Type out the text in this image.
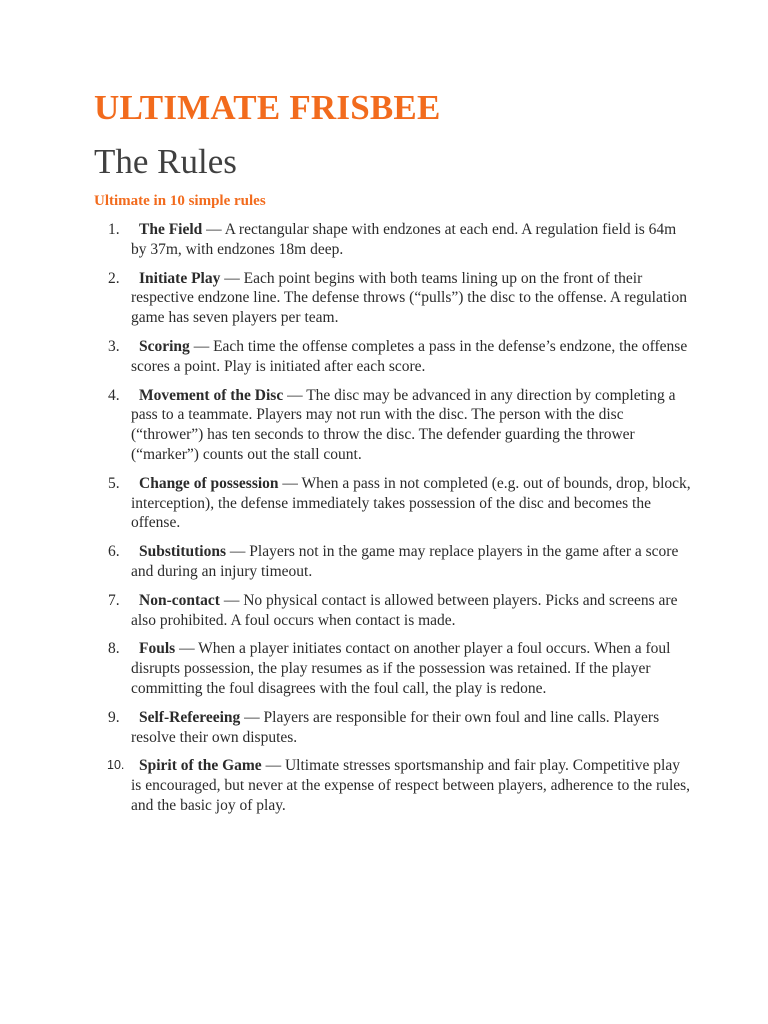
ULTIMATE FRISBEE
The Rules
Ultimate in 10 simple rules
1. The Field — A rectangular shape with endzones at each end. A regulation field is 64m by 37m, with endzones 18m deep.
2. Initiate Play — Each point begins with both teams lining up on the front of their respective endzone line. The defense throws (“pulls”) the disc to the offense. A regulation game has seven players per team.
3. Scoring — Each time the offense completes a pass in the defense’s endzone, the offense scores a point. Play is initiated after each score.
4. Movement of the Disc — The disc may be advanced in any direction by completing a pass to a teammate. Players may not run with the disc. The person with the disc (“thrower”) has ten seconds to throw the disc. The defender guarding the thrower (“marker”) counts out the stall count.
5. Change of possession — When a pass in not completed (e.g. out of bounds, drop, block, interception), the defense immediately takes possession of the disc and becomes the offense.
6. Substitutions — Players not in the game may replace players in the game after a score and during an injury timeout.
7. Non-contact — No physical contact is allowed between players. Picks and screens are also prohibited. A foul occurs when contact is made.
8. Fouls — When a player initiates contact on another player a foul occurs. When a foul disrupts possession, the play resumes as if the possession was retained. If the player committing the foul disagrees with the foul call, the play is redone.
9. Self-Refereeing — Players are responsible for their own foul and line calls. Players resolve their own disputes.
10. Spirit of the Game — Ultimate stresses sportsmanship and fair play. Competitive play is encouraged, but never at the expense of respect between players, adherence to the rules, and the basic joy of play.
